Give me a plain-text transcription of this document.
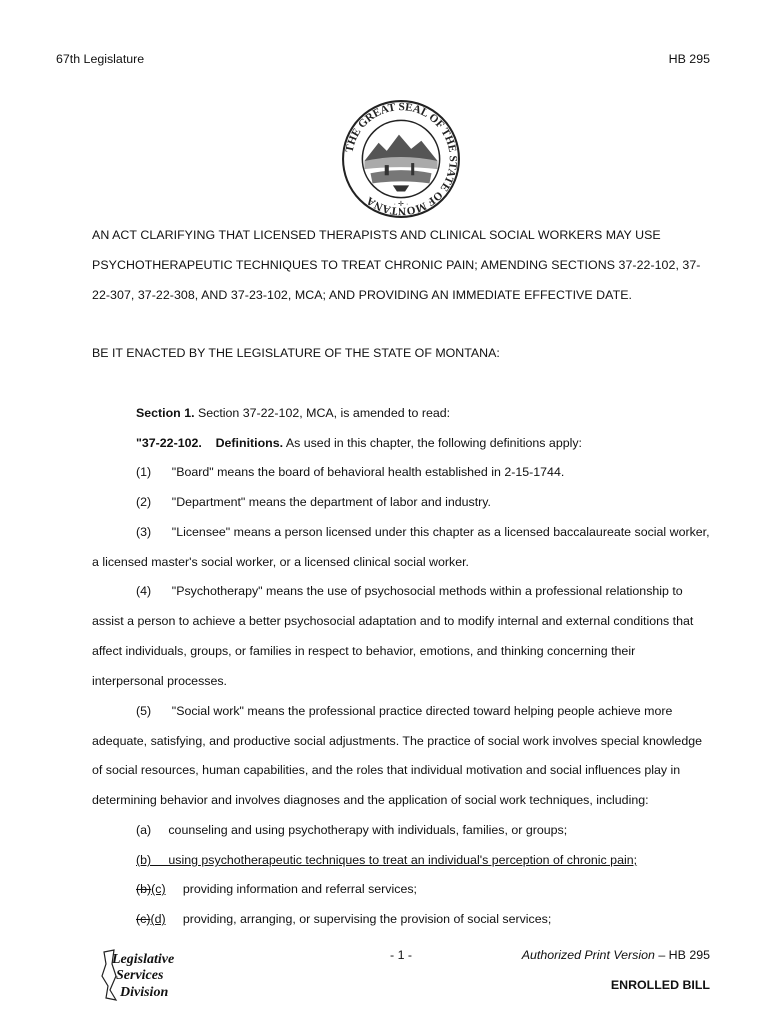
67th Legislature	HB 295
THE GREAT SEAL OF THE STATE OF MONTANA	· ✛ ·
AN ACT CLARIFYING THAT LICENSED THERAPISTS AND CLINICAL SOCIAL WORKERS MAY USE
PSYCHOTHERAPEUTIC TECHNIQUES TO TREAT CHRONIC PAIN; AMENDING SECTIONS 37-22-102, 37-
22-307, 37-22-308, AND 37-23-102, MCA; AND PROVIDING AN IMMEDIATE EFFECTIVE DATE.
BE IT ENACTED BY THE LEGISLATURE OF THE STATE OF MONTANA:
Section 1. Section 37-22-102, MCA, is amended to read:
"37-22-102. Definitions. As used in this chapter, the following definitions apply:
(1)      "Board" means the board of behavioral health established in 2-15-1744.
(2)      "Department" means the department of labor and industry.
(3)      "Licensee" means a person licensed under this chapter as a licensed baccalaureate social worker,
a licensed master's social worker, or a licensed clinical social worker.
(4)      "Psychotherapy" means the use of psychosocial methods within a professional relationship to
assist a person to achieve a better psychosocial adaptation and to modify internal and external conditions that
affect individuals, groups, or families in respect to behavior, emotions, and thinking concerning their
interpersonal processes.
(5)      "Social work" means the professional practice directed toward helping people achieve more
adequate, satisfying, and productive social adjustments. The practice of social work involves special knowledge
of social resources, human capabilities, and the roles that individual motivation and social influences play in
determining behavior and involves diagnoses and the application of social work techniques, including:
(a)     counseling and using psychotherapy with individuals, families, or groups;
(b)     using psychotherapeutic techniques to treat an individual's perception of chronic pain;
(b)(c)     providing information and referral services;
(c)(d)     providing, arranging, or supervising the provision of social services;
Legislative
Services
Division
- 1 -	Authorized Print Version – HB 295
ENROLLED BILL
